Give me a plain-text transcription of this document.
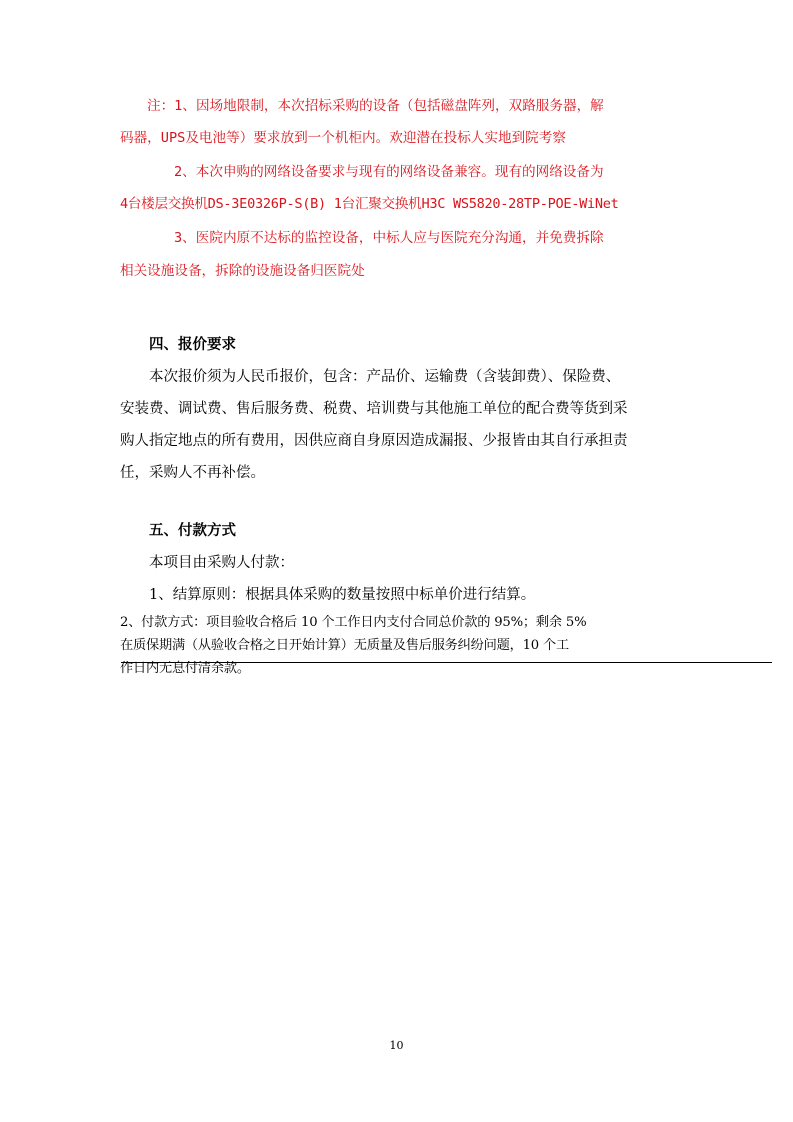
注：1、因场地限制，本次招标采购的设备（包括磁盘阵列，双路服务器，解
码器，UPS及电池等）要求放到一个机柜内。欢迎潜在投标人实地到院考察
2、本次申购的网络设备要求与现有的网络设备兼容。现有的网络设备为
4台楼层交换机DS-3E0326P-S(B) 1台汇聚交换机H3C WS5820-28TP-POE-WiNet
3、医院内原不达标的监控设备，中标人应与医院充分沟通，并免费拆除
相关设施设备，拆除的设施设备归医院处
四、报价要求
本次报价须为人民币报价，包含：产品价、运输费（含装卸费）、保险费、
安装费、调试费、售后服务费、税费、培训费与其他施工单位的配合费等货到采
购人指定地点的所有费用，因供应商自身原因造成漏报、少报皆由其自行承担责
任，采购人不再补偿。
五、付款方式
本项目由采购人付款：
1、结算原则：根据具体采购的数量按照中标单价进行结算。
2、付款方式：项目验收合格后 10 个工作日内支付合同总价款的 95%；剩余 5%
在质保期满（从验收合格之日开始计算）无质量及售后服务纠纷问题，10 个工
作日内无息付清余款。
10
